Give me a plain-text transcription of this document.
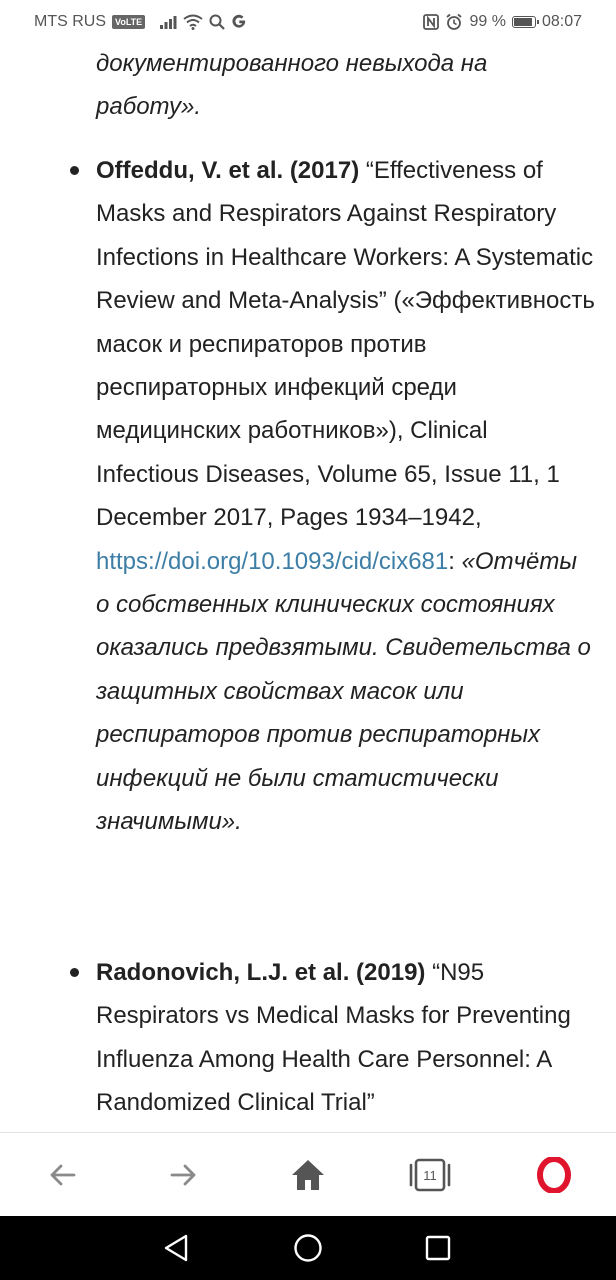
MTS RUS	VoLTE	99 % 08:07
документированного невыхода на
работу».
Offeddu, V. et al. (2017) “Effectiveness of Masks and Respirators Against Respiratory Infections in Healthcare Workers: A Systematic Review and Meta-Analysis” («Эффективность масок и респираторов против респираторных инфекций среди медицинских работников»), Clinical Infectious Diseases, Volume 65, Issue 11, 1 December 2017, Pages 1934–1942, https://doi.org/10.1093/cid/cix681: «Отчёты о собственных клинических состояниях оказались предвзятыми. Свидетельства о защитных свойствах масок или респираторов против респираторных инфекций не были статистически значимыми».
Radonovich, L.J. et al. (2019) “N95 Respirators vs Medical Masks for Preventing Influenza Among Health Care Personnel: A Randomized Clinical Trial”
11
